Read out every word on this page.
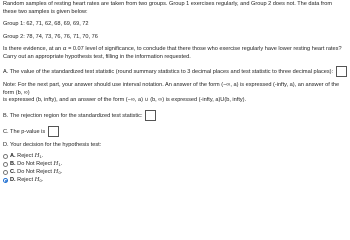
Random samples of resting heart rates are taken from two groups. Group 1 exercises regularly, and Group 2 does not. The data from these two samples is given below:

Group 1: 62, 71, 62, 68, 69, 69, 72

Group 2: 78, 74, 73, 76, 76, 71, 70, 76

Is there evidence, at an α = 0.07 level of significance, to conclude that there those who exercise regularly have lower resting heart rates? Carry out an appropriate hypothesis test, filling in the information requested.

A. The value of the standardized test statistic (round summary statistics to 3 decimal places and test statistic to three decimal places):

Note: For the next part, your answer should use interval notation. An answer of the form (−∞, a) is expressed (-infty, a), an answer of the form (b, ∞)

is expressed (b, infty), and an answer of the form (−∞, a) ∪ (b, ∞) is expressed (-infty, a)U(b, infty).

B. The rejection region for the standardized test statistic:

C. The p-value is

D. Your decision for the hypothesis test:

A.
Reject
H 1 .
B.
Do Not Reject
H 1 .
C.
Do Not Reject
H 0 .
D.
Reject
H 0 .
